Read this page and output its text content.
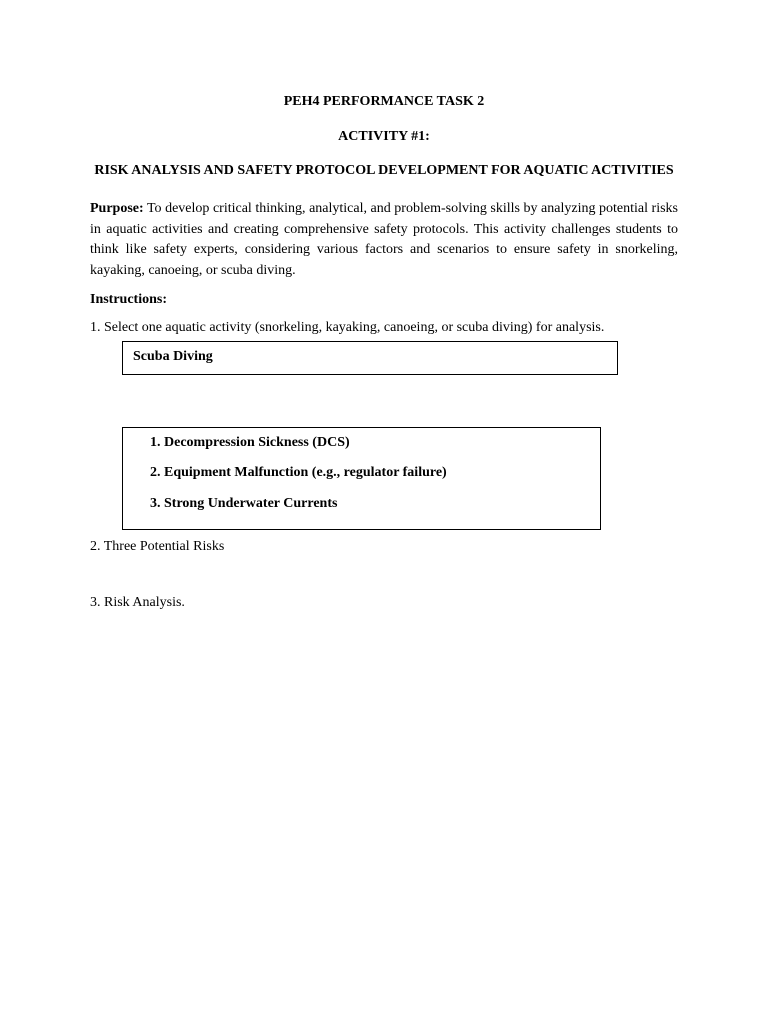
PEH4 PERFORMANCE TASK 2
ACTIVITY #1:
RISK ANALYSIS AND SAFETY PROTOCOL DEVELOPMENT FOR AQUATIC ACTIVITIES
Purpose: To develop critical thinking, analytical, and problem-solving skills by analyzing potential risks in aquatic activities and creating comprehensive safety protocols. This activity challenges students to think like safety experts, considering various factors and scenarios to ensure safety in snorkeling, kayaking, canoeing, or scuba diving.
Instructions:
1. Select one aquatic activity (snorkeling, kayaking, canoeing, or scuba diving) for analysis.
Scuba Diving
1. Decompression Sickness (DCS)
2. Equipment Malfunction (e.g., regulator failure)
3. Strong Underwater Currents
2. Three Potential Risks
3. Risk Analysis.
